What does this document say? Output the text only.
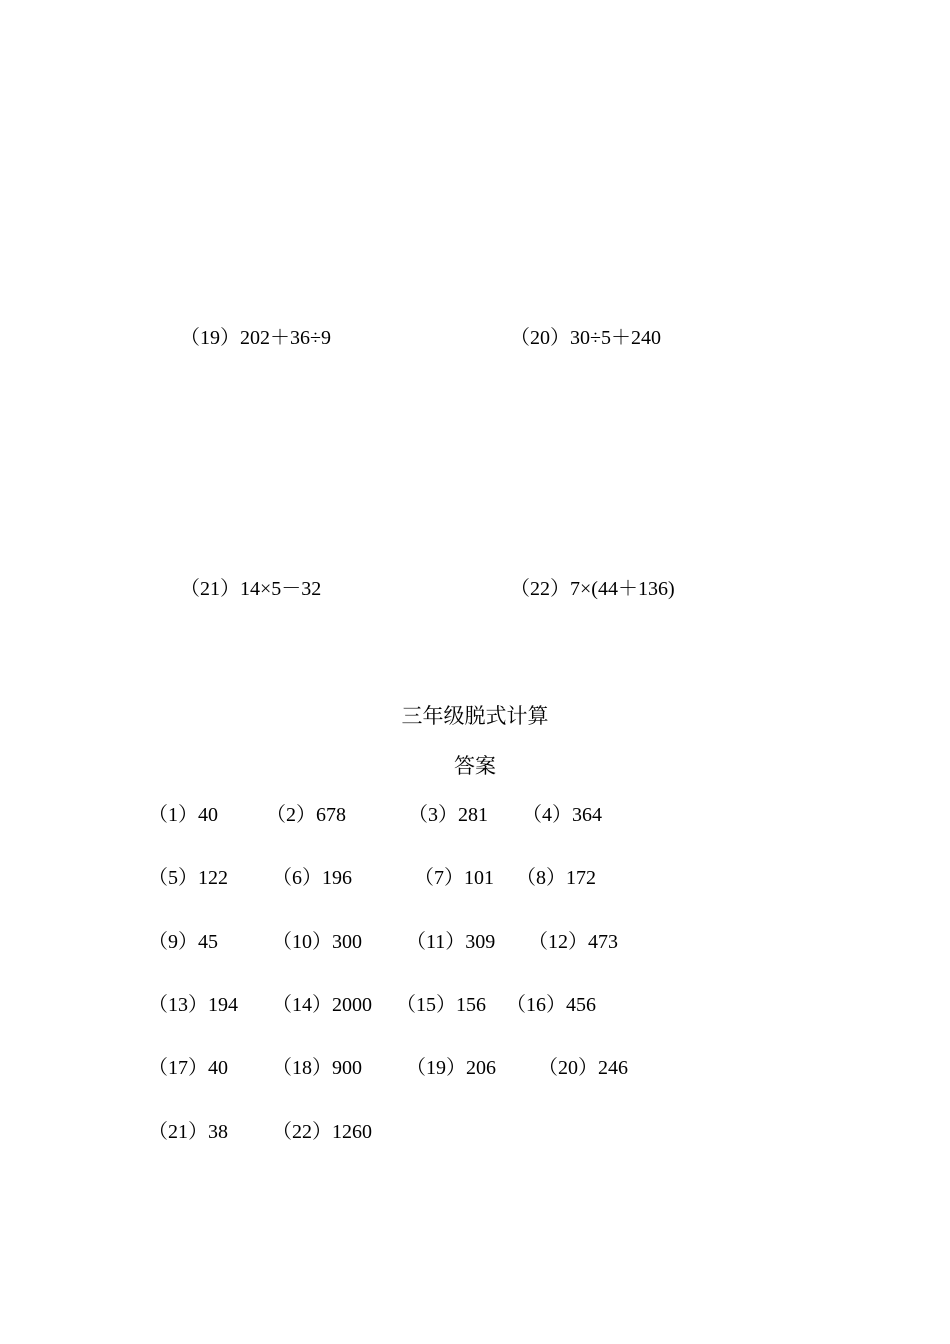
（19）202＋36÷9	（20）30÷5＋240
（21）14×5－32	（22）7×(44＋136)
三年级脱式计算
答案
（1）40 （2）678	（3）281 （4）364
（5）122 （6）196	（7）101 （8）172
（9）45	（10）300 （11）309 （12）473
（13）194 （14）2000 （15）156 （16）456
（17）40 （18）900 （19）206 （20）246
（21）38 （22）1260
